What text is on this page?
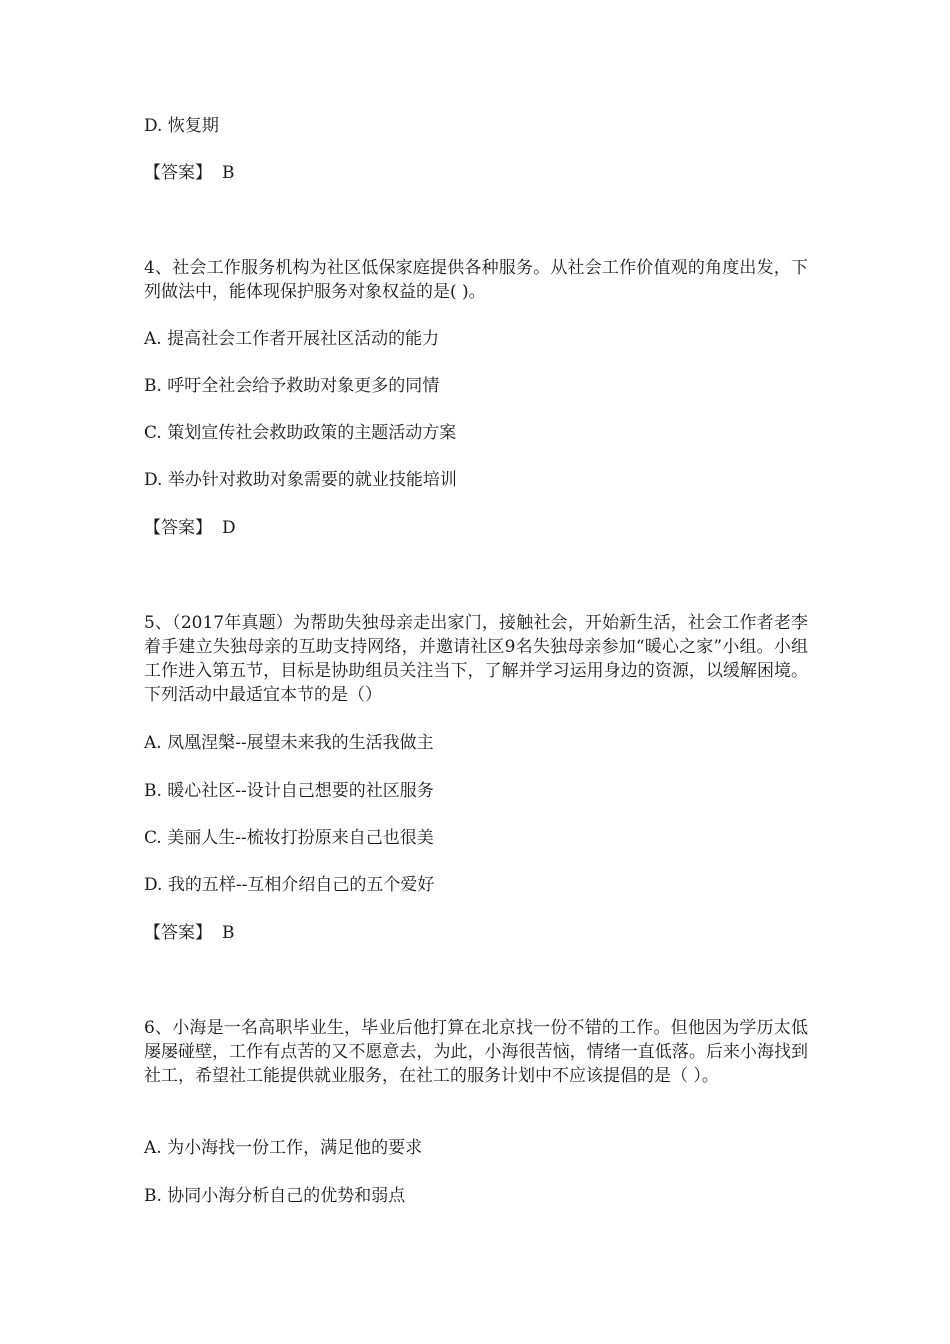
D. 恢复期
【答案】 B
4、社会工作服务机构为社区低保家庭提供各种服务。从社会工作价值观的角度出发，下列做法中，能体现保护服务对象权益的是( )。
A. 提高社会工作者开展社区活动的能力
B. 呼吁全社会给予救助对象更多的同情
C. 策划宣传社会救助政策的主题活动方案
D. 举办针对救助对象需要的就业技能培训
【答案】 D
5、（2017年真题）为帮助失独母亲走出家门，接触社会，开始新生活，社会工作者老李着手建立失独母亲的互助支持网络，并邀请社区9名失独母亲参加“暖心之家”小组。小组工作进入第五节，目标是协助组员关注当下，了解并学习运用身边的资源，以缓解困境。下列活动中最适宜本节的是（）
A. 凤凰涅槃--展望未来我的生活我做主
B. 暖心社区--设计自己想要的社区服务
C. 美丽人生--梳妆打扮原来自己也很美
D. 我的五样--互相介绍自己的五个爱好
【答案】 B
6、小海是一名高职毕业生，毕业后他打算在北京找一份不错的工作。但他因为学历太低屡屡碰壁，工作有点苦的又不愿意去，为此，小海很苦恼，情绪一直低落。后来小海找到社工，希望社工能提供就业服务，在社工的服务计划中不应该提倡的是（ ）。
A. 为小海找一份工作，满足他的要求
B. 协同小海分析自己的优势和弱点
